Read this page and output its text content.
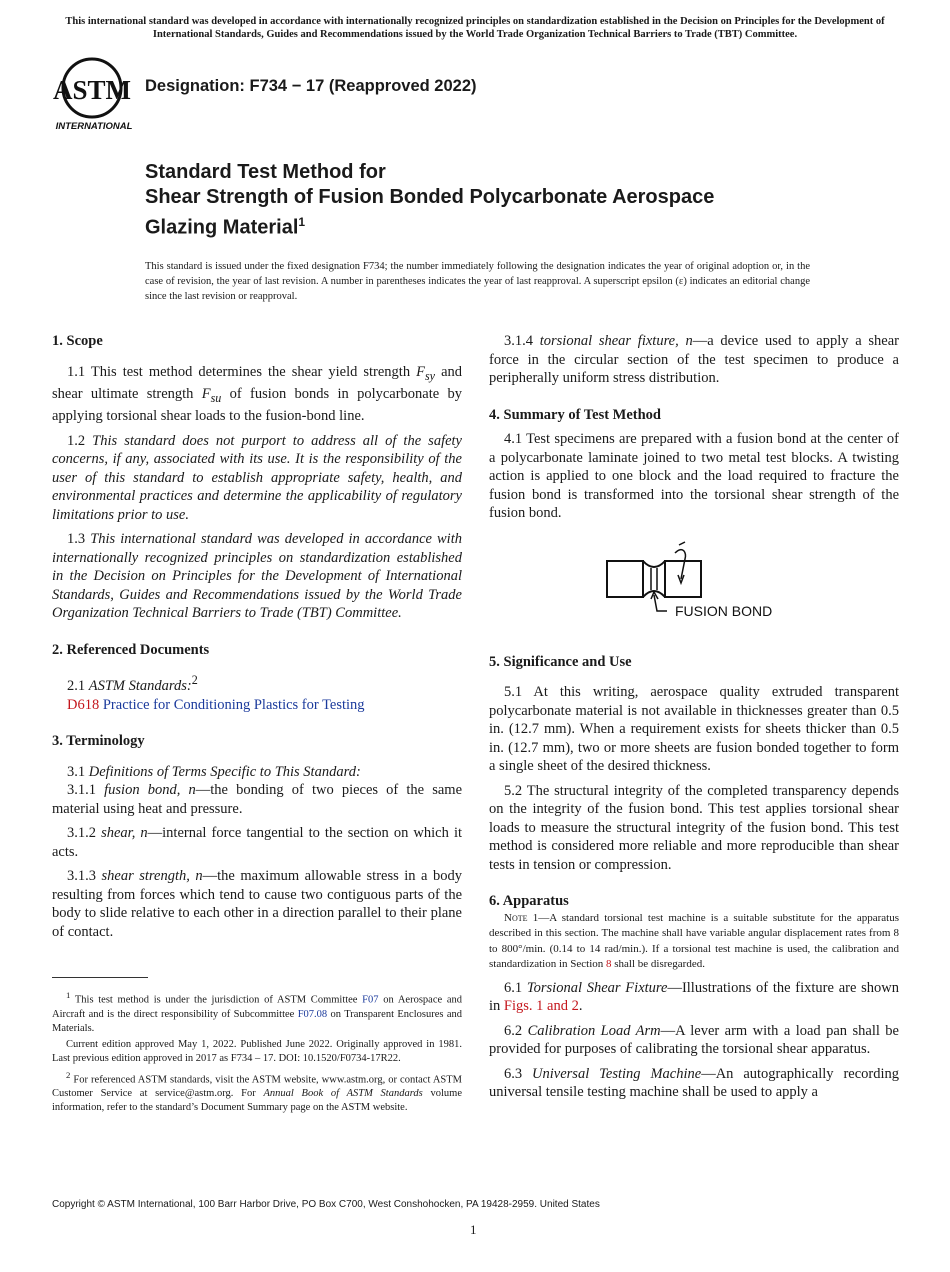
This international standard was developed in accordance with internationally recognized principles on standardization established in the Decision on Principles for the Development of International Standards, Guides and Recommendations issued by the World Trade Organization Technical Barriers to Trade (TBT) Committee.
ASTM
INTERNATIONAL
Designation: F734 − 17 (Reapproved 2022)
Standard Test Method for
Shear Strength of Fusion Bonded Polycarbonate Aerospace
Glazing Material$^1$
This standard is issued under the fixed designation F734; the number immediately following the designation indicates the year of original adoption or, in the case of revision, the year of last revision. A number in parentheses indicates the year of last reapproval. A superscript epsilon (ε) indicates an editorial change since the last revision or reapproval.
1. Scope

1.1 This test method determines the shear yield strength $F_{sy}$ and shear ultimate strength $F_{su}$ of fusion bonds in polycarbonate by applying torsional shear loads to the fusion-bond line.

1.2 This standard does not purport to address all of the safety concerns, if any, associated with its use. It is the responsibility of the user of this standard to establish appropriate safety, health, and environmental practices and determine the applicability of regulatory limitations prior to use.

1.3 This international standard was developed in accordance with internationally recognized principles on standardization established in the Decision on Principles for the Development of International Standards, Guides and Recommendations issued by the World Trade Organization Technical Barriers to Trade (TBT) Committee.

2. Referenced Documents

2.1 ASTM Standards:$^2$

D618 Practice for Conditioning Plastics for Testing

3. Terminology

3.1 Definitions of Terms Specific to This Standard:

3.1.1 fusion bond, n—the bonding of two pieces of the same material using heat and pressure.

3.1.2 shear, n—internal force tangential to the section on which it acts.

3.1.3 shear strength, n—the maximum allowable stress in a body resulting from forces which tend to cause two contiguous parts of the body to slide relative to each other in a direction parallel to their plane of contact.

3.1.4 torsional shear fixture, n—a device used to apply a shear force in the circular section of the test specimen to produce a peripherally uniform stress distribution.

4. Summary of Test Method

4.1 Test specimens are prepared with a fusion bond at the center of a polycarbonate laminate joined to two metal test blocks. A twisting action is applied to one block and the load required to fracture the fusion bond is transformed into the torsional shear strength of the fusion bond.

FUSION BOND
5. Significance and Use

5.1 At this writing, aerospace quality extruded transparent polycarbonate material is not available in thicknesses greater than 0.5 in. (12.7 mm). When a requirement exists for sheets thicker than 0.5 in. (12.7 mm), two or more sheets are fusion bonded together to form a single sheet of the desired thickness.

5.2 The structural integrity of the completed transparency depends on the integrity of the fusion bond. This test applies torsional shear loads to measure the structural integrity of the fusion bond. This test method is considered more reliable and more reproducible than shear tests in tension or compression.

6. Apparatus

Note 1—A standard torsional test machine is a suitable substitute for the apparatus described in this section. The machine shall have variable angular displacement rates from 8 to 800°/min. (0.14 to 14 rad/min.). If a torsional test machine is used, the calibration and standardization in Section 8 shall be disregarded.

6.1 Torsional Shear Fixture—Illustrations of the fixture are shown in Figs. 1 and 2.

6.2 Calibration Load Arm—A lever arm with a load pan shall be provided for purposes of calibrating the torsional shear apparatus.

6.3 Universal Testing Machine—An autographically recording universal tensile testing machine shall be used to apply a

$^1$ This test method is under the jurisdiction of ASTM Committee F07 on Aerospace and Aircraft and is the direct responsibility of Subcommittee F07.08 on Transparent Enclosures and Materials.

Current edition approved May 1, 2022. Published June 2022. Originally approved in 1981. Last previous edition approved in 2017 as F734 – 17. DOI: 10.1520/F0734-17R22.

$^2$ For referenced ASTM standards, visit the ASTM website, www.astm.org, or contact ASTM Customer Service at service@astm.org. For Annual Book of ASTM Standards volume information, refer to the standard’s Document Summary page on the ASTM website.

Copyright © ASTM International, 100 Barr Harbor Drive, PO Box C700, West Conshohocken, PA 19428-2959. United States
1
